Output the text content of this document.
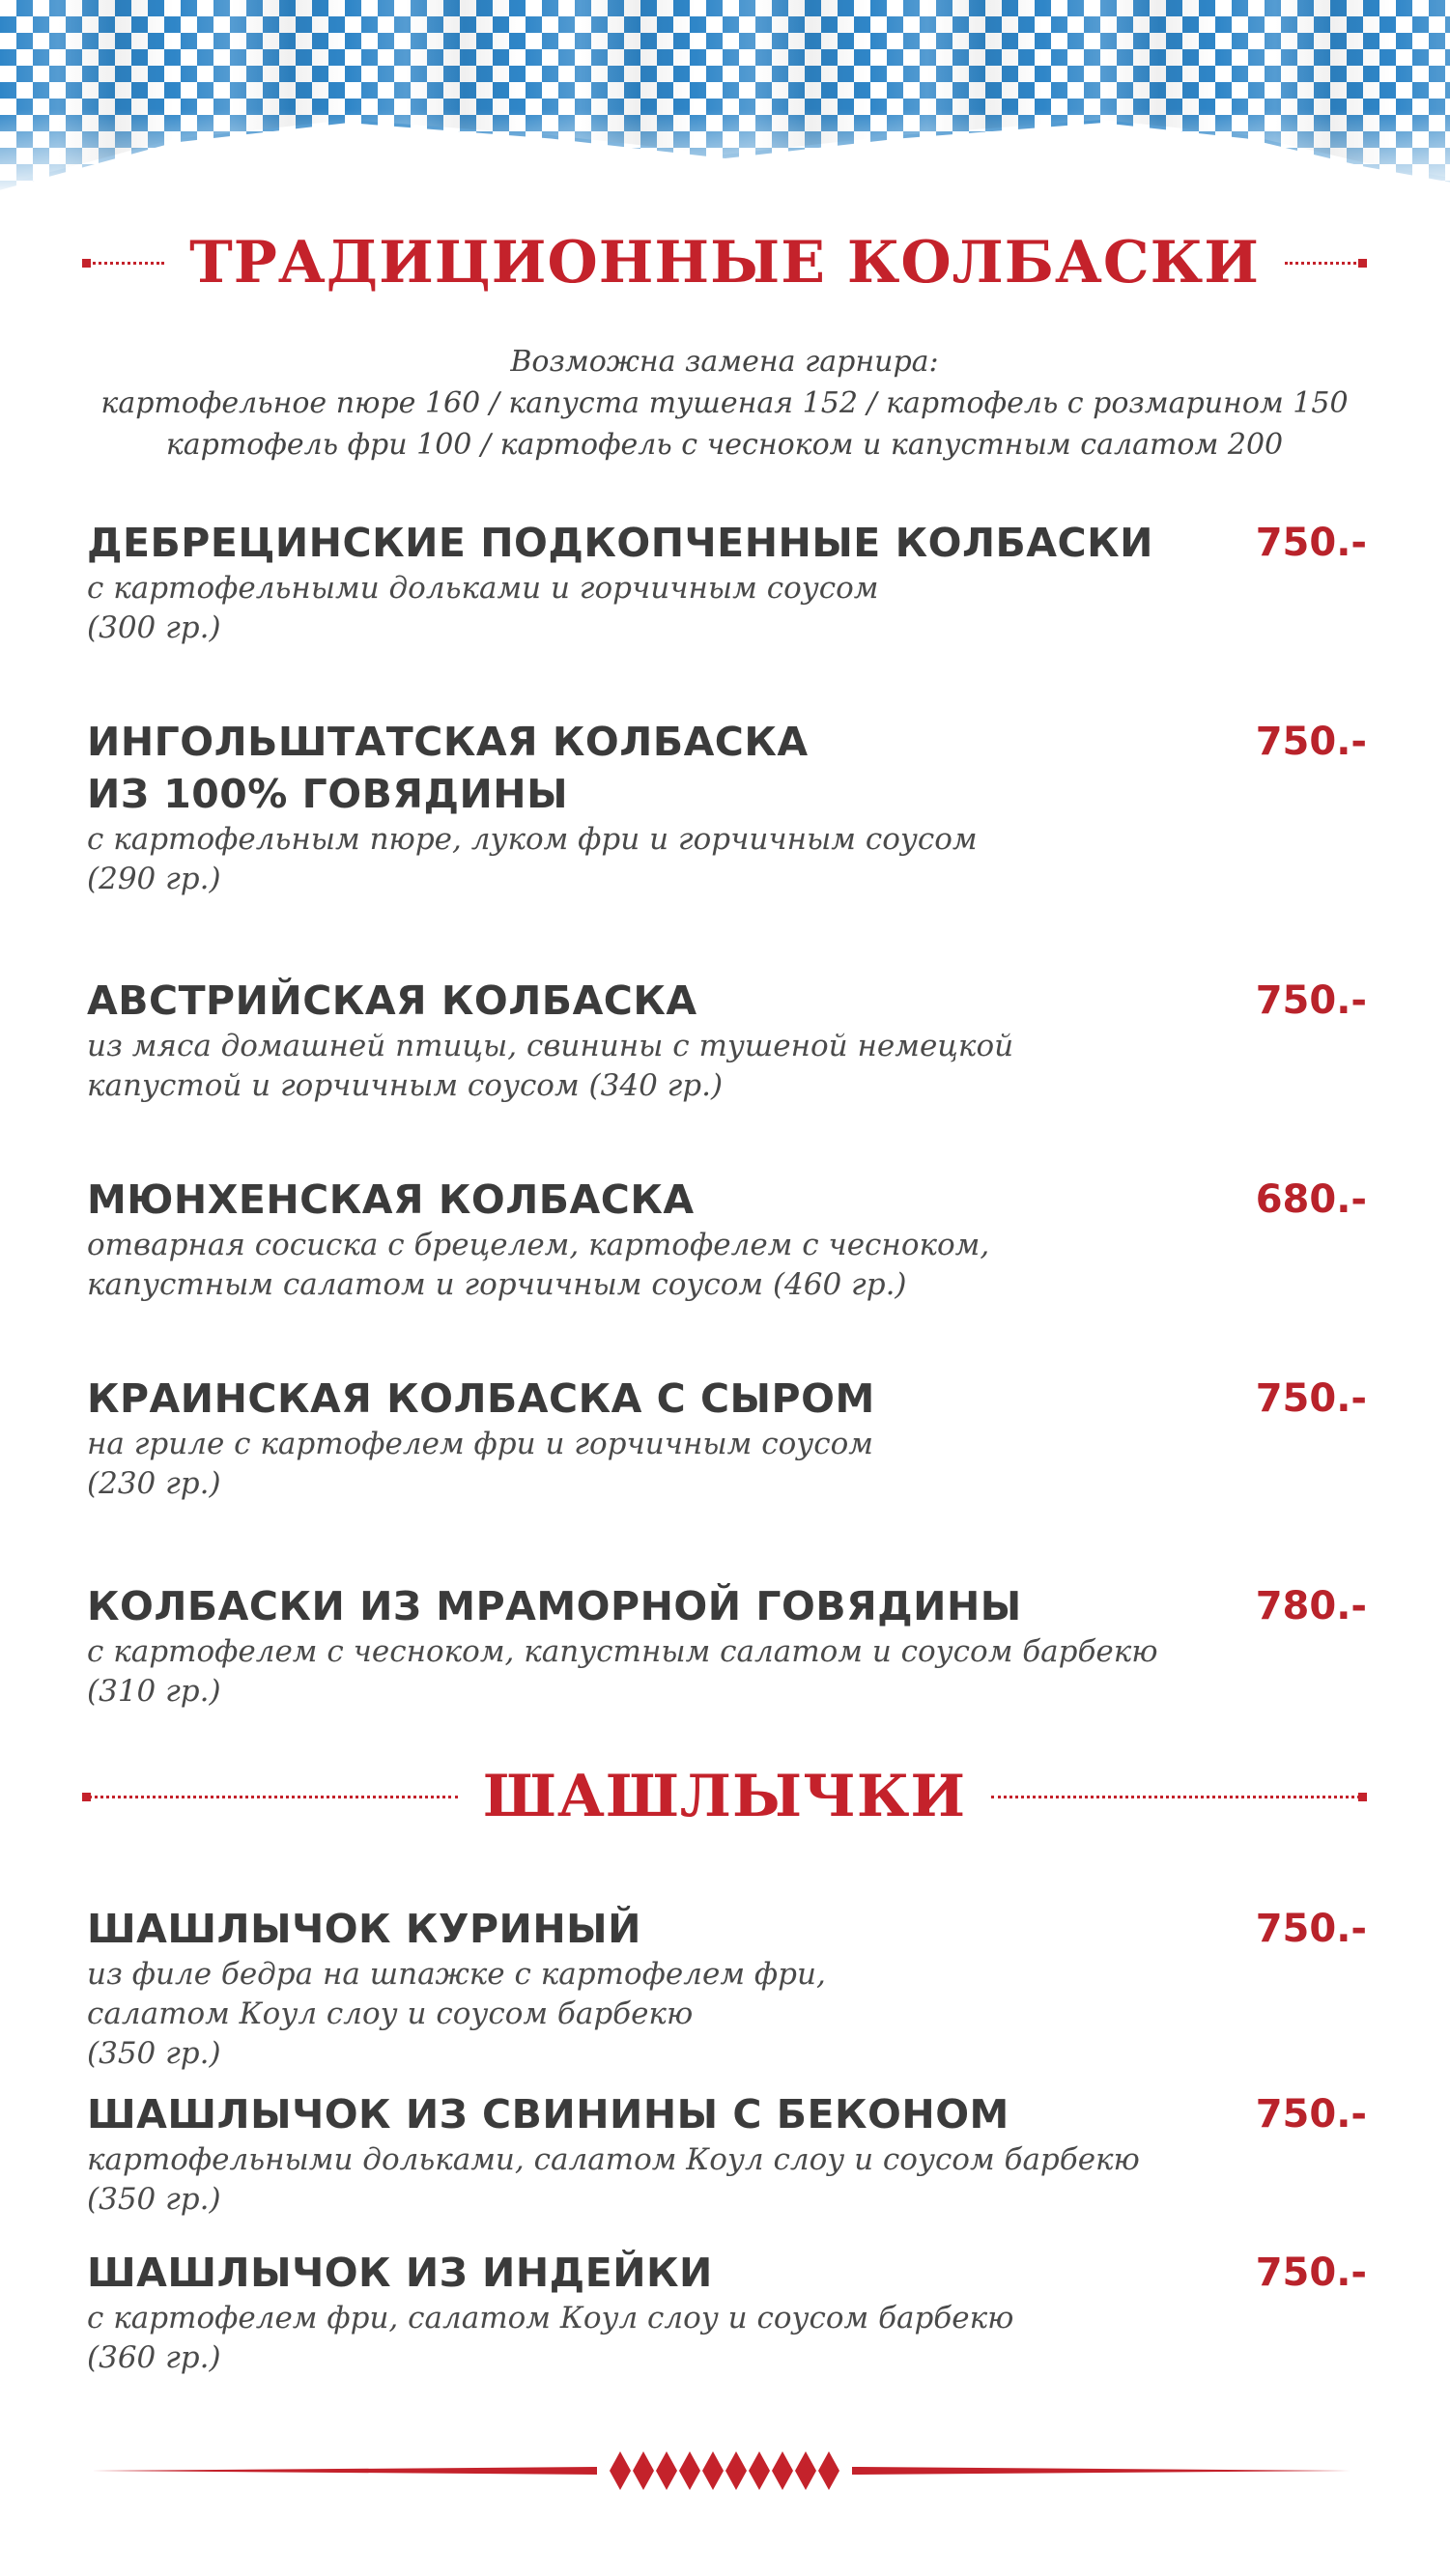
ТРАДИЦИОННЫЕ КОЛБАСКИ
Возможна замена гарнира:
картофельное пюре 160 / капуста тушеная 152 / картофель с розмарином 150
картофель фри 100 / картофель с чесноком и капустным салатом 200
ДЕБРЕЦИНСКИЕ ПОДКОПЧЕННЫЕ КОЛБАСКИ	750.-
с картофельными дольками и горчичным соусом
(300 гр.)
ИНГОЛЬШТАТСКАЯ КОЛБАСКА
ИЗ 100% ГОВЯДИНЫ
750.-
с картофельным пюре, луком фри и горчичным соусом
(290 гр.)
АВСТРИЙСКАЯ КОЛБАСКА	750.-
из мяса домашней птицы, свинины с тушеной немецкой
капустой и горчичным соусом (340 гр.)
МЮНХЕНСКАЯ КОЛБАСКА	680.-
отварная сосиска с брецелем, картофелем с чесноком,
капустным салатом и горчичным соусом (460 гр.)
КРАИНСКАЯ КОЛБАСКА С СЫРОМ	750.-
на гриле с картофелем фри и горчичным соусом
(230 гр.)
КОЛБАСКИ ИЗ МРАМОРНОЙ ГОВЯДИНЫ	780.-
с картофелем с чесноком, капустным салатом и соусом барбекю
(310 гр.)
ШАШЛЫЧКИ
ШАШЛЫЧОК КУРИНЫЙ	750.-
из филе бедра на шпажке с картофелем фри,
салатом Коул слоу и соусом барбекю
(350 гр.)
ШАШЛЫЧОК ИЗ СВИНИНЫ С БЕКОНОМ	750.-
картофельными дольками, салатом Коул слоу и соусом барбекю
(350 гр.)
ШАШЛЫЧОК ИЗ ИНДЕЙКИ	750.-
с картофелем фри, салатом Коул слоу и соусом барбекю
(360 гр.)
